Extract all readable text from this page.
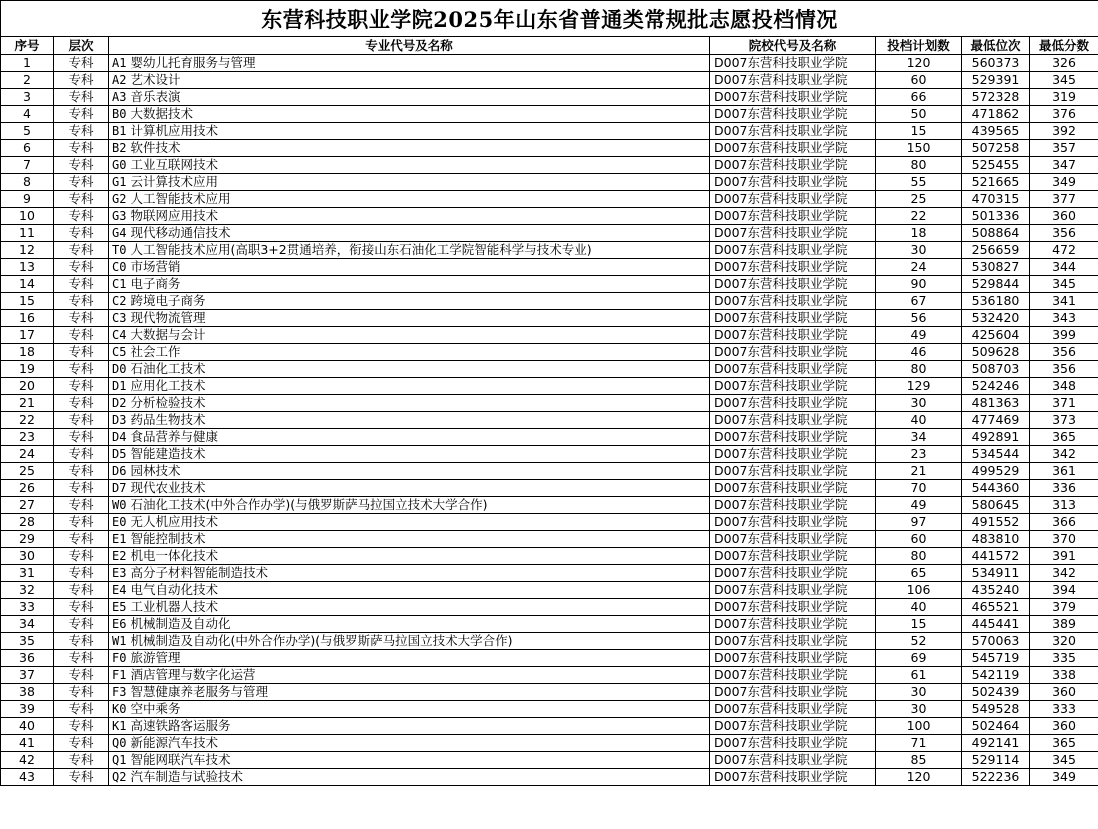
东营科技职业学院2025年山东省普通类常规批志愿投档情况
序号	层次	专业代号及名称	院校代号及名称	投档计划数	最低位次	最低分数
1	专科	A1 婴幼儿托育服务与管理	D007东营科技职业学院	120	560373	326
2	专科	A2 艺术设计	D007东营科技职业学院	60	529391	345
3	专科	A3 音乐表演	D007东营科技职业学院	66	572328	319
4	专科	B0 大数据技术	D007东营科技职业学院	50	471862	376
5	专科	B1 计算机应用技术	D007东营科技职业学院	15	439565	392
6	专科	B2 软件技术	D007东营科技职业学院	150	507258	357
7	专科	G0 工业互联网技术	D007东营科技职业学院	80	525455	347
8	专科	G1 云计算技术应用	D007东营科技职业学院	55	521665	349
9	专科	G2 人工智能技术应用	D007东营科技职业学院	25	470315	377
10	专科	G3 物联网应用技术	D007东营科技职业学院	22	501336	360
11	专科	G4 现代移动通信技术	D007东营科技职业学院	18	508864	356
12	专科	T0 人工智能技术应用(高职3+2贯通培养，衔接山东石油化工学院智能科学与技术专业)	D007东营科技职业学院	30	256659	472
13	专科	C0 市场营销	D007东营科技职业学院	24	530827	344
14	专科	C1 电子商务	D007东营科技职业学院	90	529844	345
15	专科	C2 跨境电子商务	D007东营科技职业学院	67	536180	341
16	专科	C3 现代物流管理	D007东营科技职业学院	56	532420	343
17	专科	C4 大数据与会计	D007东营科技职业学院	49	425604	399
18	专科	C5 社会工作	D007东营科技职业学院	46	509628	356
19	专科	D0 石油化工技术	D007东营科技职业学院	80	508703	356
20	专科	D1 应用化工技术	D007东营科技职业学院	129	524246	348
21	专科	D2 分析检验技术	D007东营科技职业学院	30	481363	371
22	专科	D3 药品生物技术	D007东营科技职业学院	40	477469	373
23	专科	D4 食品营养与健康	D007东营科技职业学院	34	492891	365
24	专科	D5 智能建造技术	D007东营科技职业学院	23	534544	342
25	专科	D6 园林技术	D007东营科技职业学院	21	499529	361
26	专科	D7 现代农业技术	D007东营科技职业学院	70	544360	336
27	专科	W0 石油化工技术(中外合作办学)(与俄罗斯萨马拉国立技术大学合作)	D007东营科技职业学院	49	580645	313
28	专科	E0 无人机应用技术	D007东营科技职业学院	97	491552	366
29	专科	E1 智能控制技术	D007东营科技职业学院	60	483810	370
30	专科	E2 机电一体化技术	D007东营科技职业学院	80	441572	391
31	专科	E3 高分子材料智能制造技术	D007东营科技职业学院	65	534911	342
32	专科	E4 电气自动化技术	D007东营科技职业学院	106	435240	394
33	专科	E5 工业机器人技术	D007东营科技职业学院	40	465521	379
34	专科	E6 机械制造及自动化	D007东营科技职业学院	15	445441	389
35	专科	W1 机械制造及自动化(中外合作办学)(与俄罗斯萨马拉国立技术大学合作)	D007东营科技职业学院	52	570063	320
36	专科	F0 旅游管理	D007东营科技职业学院	69	545719	335
37	专科	F1 酒店管理与数字化运营	D007东营科技职业学院	61	542119	338
38	专科	F3 智慧健康养老服务与管理	D007东营科技职业学院	30	502439	360
39	专科	K0 空中乘务	D007东营科技职业学院	30	549528	333
40	专科	K1 高速铁路客运服务	D007东营科技职业学院	100	502464	360
41	专科	Q0 新能源汽车技术	D007东营科技职业学院	71	492141	365
42	专科	Q1 智能网联汽车技术	D007东营科技职业学院	85	529114	345
43	专科	Q2 汽车制造与试验技术	D007东营科技职业学院	120	522236	349
